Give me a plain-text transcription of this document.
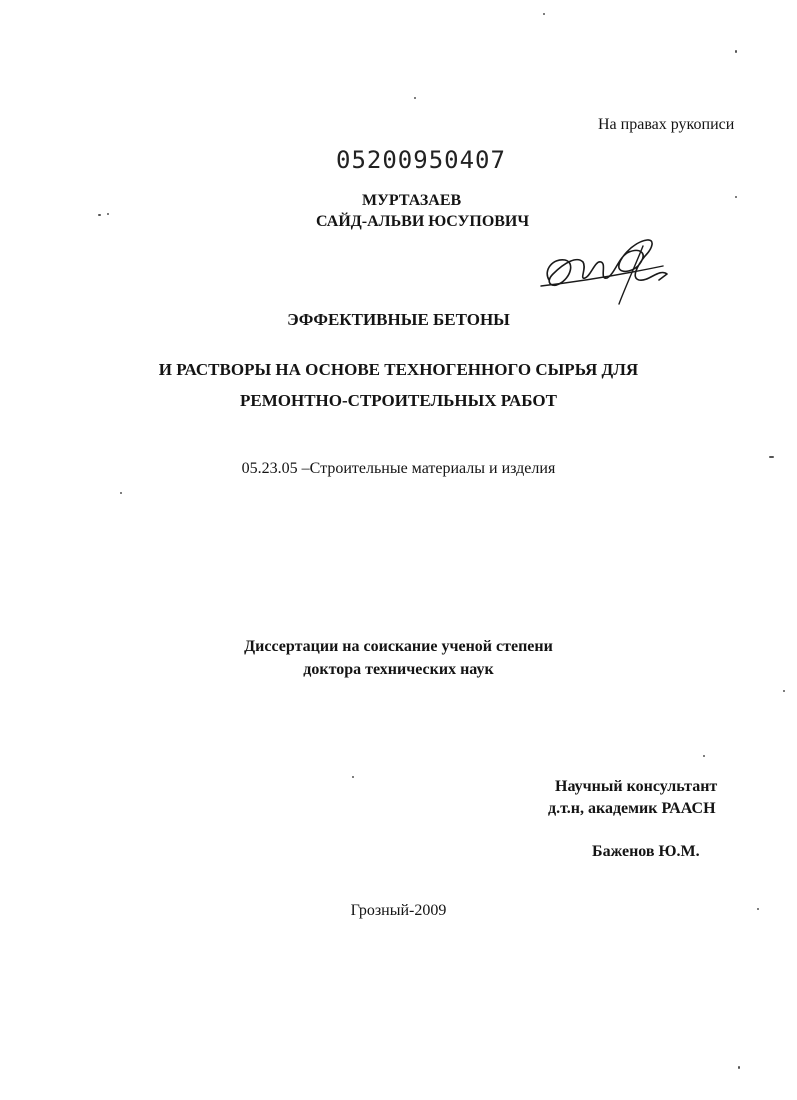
На правах рукописи
05200950407
МУРТАЗАЕВ
САЙД-АЛЬВИ ЮСУПОВИЧ
ЭФФЕКТИВНЫЕ БЕТОНЫ
И РАСТВОРЫ НА ОСНОВЕ ТЕХНОГЕННОГО СЫРЬЯ ДЛЯ
РЕМОНТНО-СТРОИТЕЛЬНЫХ РАБОТ
05.23.05 –Строительные материалы и изделия
Диссертации на соискание ученой степени
доктора технических наук
Научный консультант
д.т.н, академик РААСН
Баженов Ю.М.
Грозный-2009
